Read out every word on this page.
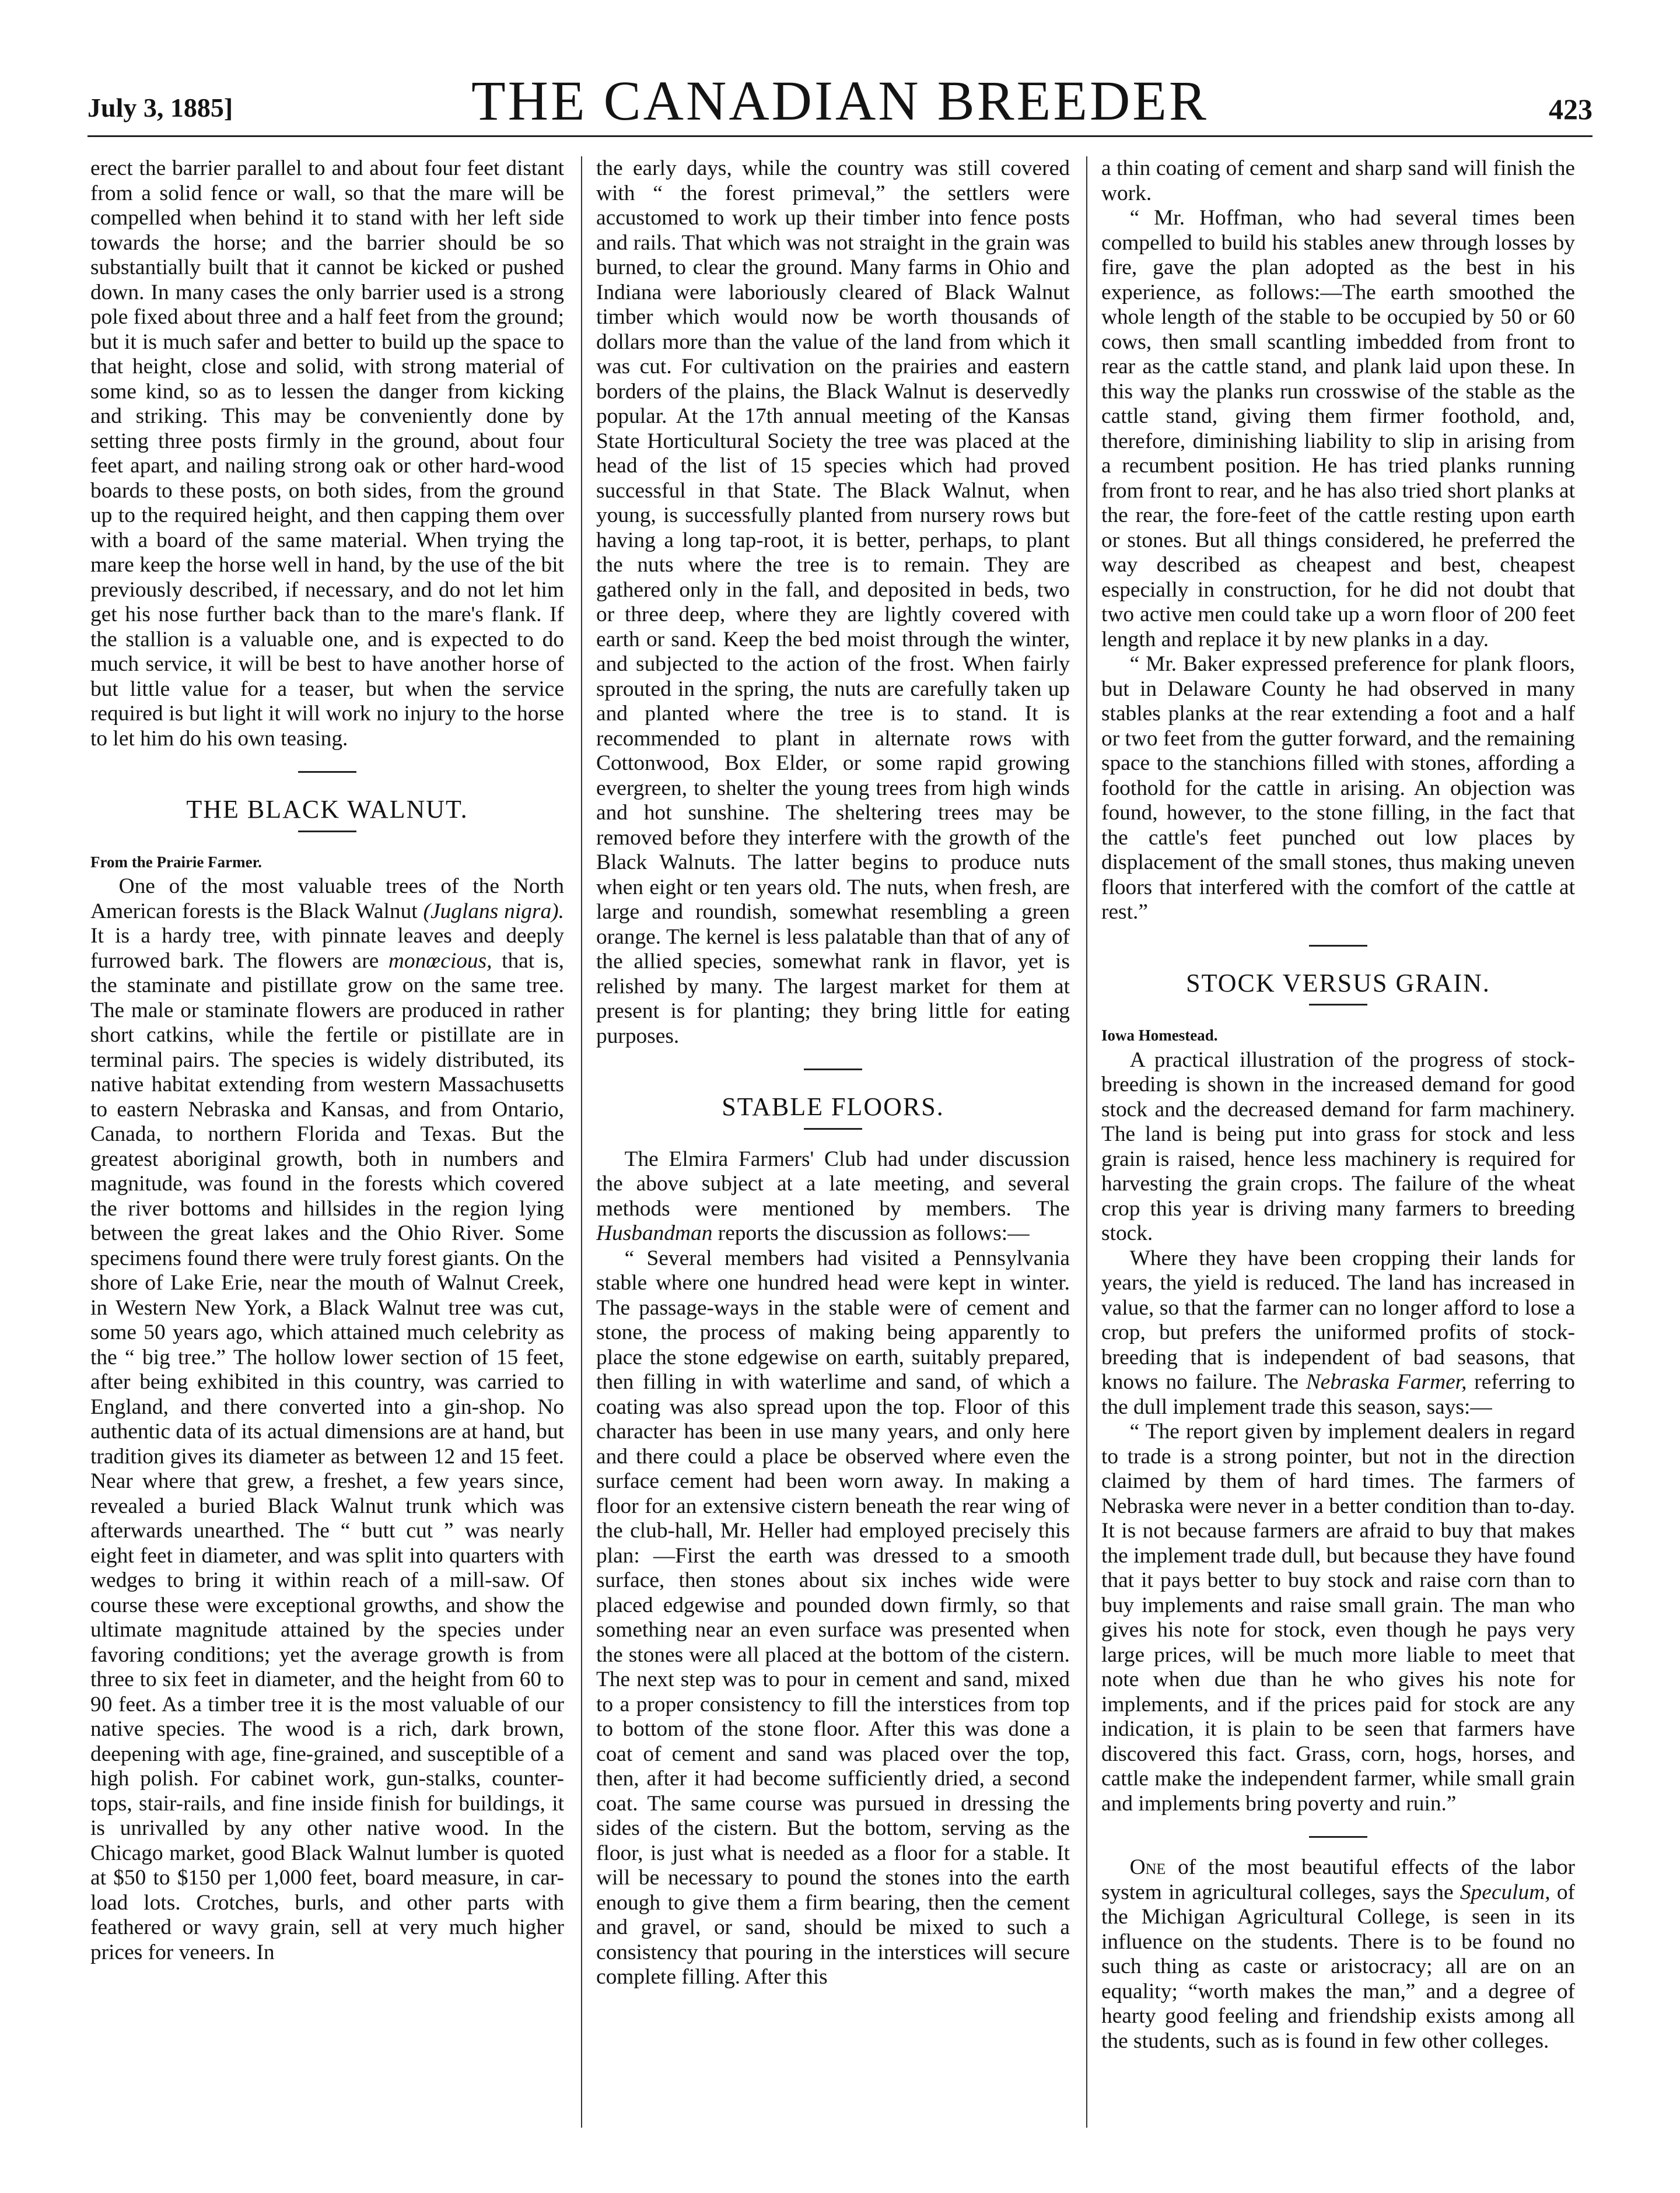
July 3, 1885]	THE CANADIAN BREEDER	423

erect the barrier parallel to and about four feet distant from a solid fence or wall, so that the mare will be compelled when behind it to stand with her left side towards the horse; and the barrier should be so substantially built that it cannot be kicked or pushed down. In many cases the only barrier used is a strong pole fixed about three and a half feet from the ground; but it is much safer and better to build up the space to that height, close and solid, with strong material of some kind, so as to lessen the danger from kicking and striking. This may be conveniently done by setting three posts firmly in the ground, about four feet apart, and nailing strong oak or other hard-wood boards to these posts, on both sides, from the ground up to the required height, and then capping them over with a board of the same material. When trying the mare keep the horse well in hand, by the use of the bit previously described, if necessary, and do not let him get his nose further back than to the mare's flank. If the stallion is a valuable one, and is expected to do much service, it will be best to have another horse of but little value for a teaser, but when the service required is but light it will work no injury to the horse to let him do his own teasing.

THE BLACK WALNUT.

From the Prairie Farmer.

One of the most valuable trees of the North American forests is the Black Walnut (Juglans nigra). It is a hardy tree, with pinnate leaves and deeply furrowed bark. The flowers are monœcious, that is, the staminate and pistillate grow on the same tree. The male or staminate flowers are produced in rather short catkins, while the fertile or pistillate are in terminal pairs. The species is widely distributed, its native habitat extending from western Massachusetts to eastern Nebraska and Kansas, and from Ontario, Canada, to northern Florida and Texas. But the greatest aboriginal growth, both in numbers and magnitude, was found in the forests which covered the river bottoms and hillsides in the region lying between the great lakes and the Ohio River. Some specimens found there were truly forest giants. On the shore of Lake Erie, near the mouth of Walnut Creek, in Western New York, a Black Walnut tree was cut, some 50 years ago, which attained much celebrity as the “ big tree.” The hollow lower section of 15 feet, after being exhibited in this country, was carried to England, and there converted into a gin-shop. No authentic data of its actual dimensions are at hand, but tradition gives its diameter as between 12 and 15 feet. Near where that grew, a freshet, a few years since, revealed a buried Black Walnut trunk which was afterwards unearthed. The “ butt cut ” was nearly eight feet in diameter, and was split into quarters with wedges to bring it within reach of a mill-saw. Of course these were exceptional growths, and show the ultimate magnitude attained by the species under favoring conditions; yet the average growth is from three to six feet in diameter, and the height from 60 to 90 feet. As a timber tree it is the most valuable of our native species. The wood is a rich, dark brown, deepening with age, fine-grained, and susceptible of a high polish. For cabinet work, gun-stalks, counter-tops, stair-rails, and fine inside finish for buildings, it is unrivalled by any other native wood. In the Chicago market, good Black Walnut lumber is quoted at $50 to $150 per 1,000 feet, board measure, in car-load lots. Crotches, burls, and other parts with feathered or wavy grain, sell at very much higher prices for veneers. In

the early days, while the country was still covered with “ the forest primeval,” the settlers were accustomed to work up their timber into fence posts and rails. That which was not straight in the grain was burned, to clear the ground. Many farms in Ohio and Indiana were laboriously cleared of Black Walnut timber which would now be worth thousands of dollars more than the value of the land from which it was cut. For cultivation on the prairies and eastern borders of the plains, the Black Walnut is deservedly popular. At the 17th annual meeting of the Kansas State Horticultural Society the tree was placed at the head of the list of 15 species which had proved successful in that State. The Black Walnut, when young, is successfully planted from nursery rows but having a long tap-root, it is better, perhaps, to plant the nuts where the tree is to remain. They are gathered only in the fall, and deposited in beds, two or three deep, where they are lightly covered with earth or sand. Keep the bed moist through the winter, and subjected to the action of the frost. When fairly sprouted in the spring, the nuts are carefully taken up and planted where the tree is to stand. It is recommended to plant in alternate rows with Cottonwood, Box Elder, or some rapid growing evergreen, to shelter the young trees from high winds and hot sunshine. The sheltering trees may be removed before they interfere with the growth of the Black Walnuts. The latter begins to produce nuts when eight or ten years old. The nuts, when fresh, are large and roundish, somewhat resembling a green orange. The kernel is less palatable than that of any of the allied species, somewhat rank in flavor, yet is relished by many. The largest market for them at present is for planting; they bring little for eating purposes.

STABLE FLOORS.

The Elmira Farmers' Club had under discussion the above subject at a late meeting, and several methods were mentioned by members. The Husbandman reports the discussion as follows:—

“ Several members had visited a Pennsylvania stable where one hundred head were kept in winter. The passage-ways in the stable were of cement and stone, the process of making being apparently to place the stone edgewise on earth, suitably prepared, then filling in with waterlime and sand, of which a coating was also spread upon the top. Floor of this character has been in use many years, and only here and there could a place be observed where even the surface cement had been worn away. In making a floor for an extensive cistern beneath the rear wing of the club-hall, Mr. Heller had employed precisely this plan: —First the earth was dressed to a smooth surface, then stones about six inches wide were placed edgewise and pounded down firmly, so that something near an even surface was presented when the stones were all placed at the bottom of the cistern. The next step was to pour in cement and sand, mixed to a proper consistency to fill the interstices from top to bottom of the stone floor. After this was done a coat of cement and sand was placed over the top, then, after it had become sufficiently dried, a second coat. The same course was pursued in dressing the sides of the cistern. But the bottom, serving as the floor, is just what is needed as a floor for a stable. It will be necessary to pound the stones into the earth enough to give them a firm bearing, then the cement and gravel, or sand, should be mixed to such a consistency that pouring in the interstices will secure complete filling. After this

a thin coating of cement and sharp sand will finish the work.

“ Mr. Hoffman, who had several times been compelled to build his stables anew through losses by fire, gave the plan adopted as the best in his experience, as follows:—The earth smoothed the whole length of the stable to be occupied by 50 or 60 cows, then small scantling imbedded from front to rear as the cattle stand, and plank laid upon these. In this way the planks run crosswise of the stable as the cattle stand, giving them firmer foothold, and, therefore, diminishing liability to slip in arising from a recumbent position. He has tried planks running from front to rear, and he has also tried short planks at the rear, the fore-feet of the cattle resting upon earth or stones. But all things considered, he preferred the way described as cheapest and best, cheapest especially in construction, for he did not doubt that two active men could take up a worn floor of 200 feet length and replace it by new planks in a day.

“ Mr. Baker expressed preference for plank floors, but in Delaware County he had observed in many stables planks at the rear extending a foot and a half or two feet from the gutter forward, and the remaining space to the stanchions filled with stones, affording a foothold for the cattle in arising. An objection was found, however, to the stone filling, in the fact that the cattle's feet punched out low places by displacement of the small stones, thus making uneven floors that interfered with the comfort of the cattle at rest.”

STOCK VERSUS GRAIN.

Iowa Homestead.

A practical illustration of the progress of stock-breeding is shown in the increased demand for good stock and the decreased demand for farm machinery. The land is being put into grass for stock and less grain is raised, hence less machinery is required for harvesting the grain crops. The failure of the wheat crop this year is driving many farmers to breeding stock.

Where they have been cropping their lands for years, the yield is reduced. The land has increased in value, so that the farmer can no longer afford to lose a crop, but prefers the uniformed profits of stock-breeding that is independent of bad seasons, that knows no failure. The Nebraska Farmer, referring to the dull implement trade this season, says:—

“ The report given by implement dealers in regard to trade is a strong pointer, but not in the direction claimed by them of hard times. The farmers of Nebraska were never in a better condition than to-day. It is not because farmers are afraid to buy that makes the implement trade dull, but because they have found that it pays better to buy stock and raise corn than to buy implements and raise small grain. The man who gives his note for stock, even though he pays very large prices, will be much more liable to meet that note when due than he who gives his note for implements, and if the prices paid for stock are any indication, it is plain to be seen that farmers have discovered this fact. Grass, corn, hogs, horses, and cattle make the independent farmer, while small grain and implements bring poverty and ruin.”

One of the most beautiful effects of the labor system in agricultural colleges, says the Speculum, of the Michigan Agricultural College, is seen in its influence on the students. There is to be found no such thing as caste or aristocracy; all are on an equality; “worth makes the man,” and a degree of hearty good feeling and friendship exists among all the students, such as is found in few other colleges.
